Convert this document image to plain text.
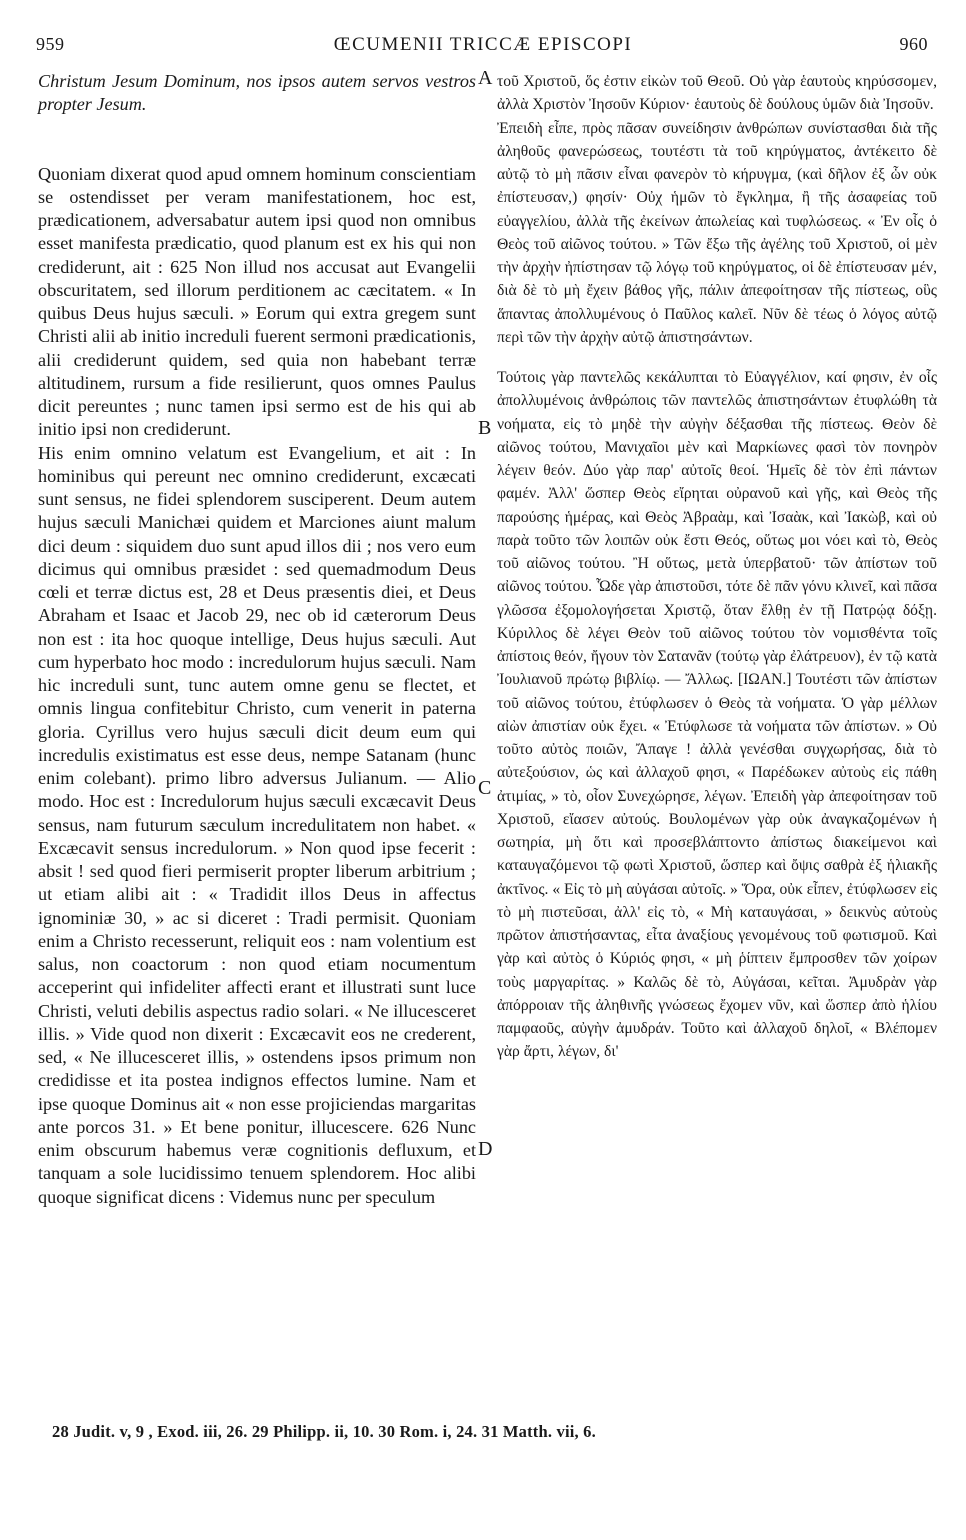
959	ŒCUMENII TRICCÆ EPISCOPI	960

Christum Jesum Dominum, nos ipsos autem servos vestros propter Jesum.

Quoniam dixerat quod apud omnem hominum conscientiam se ostendisset per veram manifestationem, hoc est, prædicationem, adversabatur autem ipsi quod non omnibus esset manifesta prædicatio, quod planum est ex his qui non crediderunt, ait : 625 Non illud nos accusat aut Evangelii obscuritatem, sed illorum perditionem ac cæcitatem. « In quibus Deus hujus sæculi. » Eorum qui extra gregem sunt Christi alii ab initio increduli fuerent sermoni prædicationis, alii crediderunt quidem, sed quia non habebant terræ altitudinem, rursum a fide resilierunt, quos omnes Paulus dicit pereuntes ; nunc tamen ipsi sermo est de his qui ab initio ipsi non crediderunt.

His enim omnino velatum est Evangelium, et ait : In hominibus qui pereunt nec omnino crediderunt, excæcati sunt sensus, ne fidei splendorem susciperent. Deum autem hujus sæculi Manichæi quidem et Marciones aiunt malum dici deum : siquidem duo sunt apud illos dii ; nos vero eum dicimus qui omnibus præsidet : sed quemadmodum Deus cœli et terræ dictus est, 28 et Deus præsentis diei, et Deus Abraham et Isaac et Jacob 29, nec ob id cæterorum Deus non est : ita hoc quoque intellige, Deus hujus sæculi. Aut cum hyperbato hoc modo : incredulorum hujus sæculi. Nam hic increduli sunt, tunc autem omne genu se flectet, et omnis lingua confitebitur Christo, cum venerit in paterna gloria. Cyrillus vero hujus sæculi dicit deum eum qui incredulis existimatus est esse deus, nempe Satanam (hunc enim colebant). primo libro adversus Julianum. — Alio modo. Hoc est : Incredulorum hujus sæculi excæcavit Deus sensus, nam futurum sæculum incredulitatem non habet. « Excæcavit sensus incredulorum. » Non quod ipse fecerit : absit ! sed quod fieri permiserit propter liberum arbitrium ; ut etiam alibi ait : « Tradidit illos Deus in affectus ignominiæ 30, » ac si diceret : Tradi permisit. Quoniam enim a Christo recesserunt, reliquit eos : nam volentium est salus, non coactorum : non quod etiam nocumentum acceperint qui infideliter affecti erant et illustrati sunt luce Christi, veluti debilis aspectus radio solari. « Ne illucesceret illis. » Vide quod non dixerit : Excæcavit eos ne crederent, sed, « Ne illucesceret illis, » ostendens ipsos primum non credidisse et ita postea indignos effectos lumine. Nam et ipse quoque Dominus ait « non esse projiciendas margaritas ante porcos 31. » Et bene ponitur, illucescere. 626 Nunc enim obscurum habemus veræ cognitionis defluxum, et tanquam a sole lucidissimo tenuem splendorem. Hoc alibi quoque significat dicens : Videmus nunc per speculum

A
B
C
D

τοῦ Χριστοῦ, ὅς ἐστιν εἰκὼν τοῦ Θεοῦ. Οὐ γὰρ ἑαυτοὺς κηρύσσομεν, ἀλλὰ Χριστὸν Ἰησοῦν Κύριον· ἑαυτοὺς δὲ δούλους ὑμῶν διὰ Ἰησοῦν.

Ἐπειδὴ εἶπε, πρὸς πᾶσαν συνείδησιν ἀνθρώπων συνίστασθαι διὰ τῆς ἀληθοῦς φανερώσεως, τουτέστι τὰ τοῦ κηρύγματος, ἀντέκειτο δὲ αὐτῷ τὸ μὴ πᾶσιν εἶναι φανερὸν τὸ κήρυγμα, (καὶ δῆλον ἐξ ὧν οὐκ ἐπίστευσαν,) φησίν· Οὐχ ἡμῶν τὸ ἔγκλημα, ἢ τῆς ἀσαφείας τοῦ εὐαγγελίου, ἀλλὰ τῆς ἐκείνων ἀπωλείας καὶ τυφλώσεως. « Ἐν οἷς ὁ Θεὸς τοῦ αἰῶνος τούτου. » Τῶν ἔξω τῆς ἀγέλης τοῦ Χριστοῦ, οἱ μὲν τὴν ἀρχὴν ἠπίστησαν τῷ λόγῳ τοῦ κηρύγματος, οἱ δὲ ἐπίστευσαν μέν, διὰ δὲ τὸ μὴ ἔχειν βάθος γῆς, πάλιν ἀπεφοίτησαν τῆς πίστεως, οὓς ἅπαντας ἀπολλυμένους ὁ Παῦλος καλεῖ. Νῦν δὲ τέως ὁ λόγος αὐτῷ περὶ τῶν τὴν ἀρχὴν αὐτῷ ἀπιστησάντων.

Τούτοις γὰρ παντελῶς κεκάλυπται τὸ Εὐαγγέλιον, καί φησιν, ἐν οἷς ἀπολλυμένοις ἀνθρώποις τῶν παντελῶς ἀπιστησάντων ἐτυφλώθη τὰ νοήματα, εἰς τὸ μηδὲ τὴν αὐγὴν δέξασθαι τῆς πίστεως. Θεὸν δὲ αἰῶνος τούτου, Μανιχαῖοι μὲν καὶ Μαρκίωνες φασὶ τὸν πονηρὸν λέγειν θεόν. Δύο γὰρ παρ' αὐτοῖς θεοί. Ἡμεῖς δὲ τὸν ἐπὶ πάντων φαμέν. Ἀλλ' ὥσπερ Θεὸς εἴρηται οὐρανοῦ καὶ γῆς, καὶ Θεὸς τῆς παρούσης ἡμέρας, καὶ Θεὸς Ἀβραὰμ, καὶ Ἰσαὰκ, καὶ Ἰακὼβ, καὶ οὐ παρὰ τοῦτο τῶν λοιπῶν οὐκ ἔστι Θεός, οὕτως μοι νόει καὶ τὸ, Θεὸς τοῦ αἰῶνος τούτου. Ἢ οὕτως, μετὰ ὑπερβατοῦ· τῶν ἀπίστων τοῦ αἰῶνος τούτου. Ὧδε γὰρ ἀπιστοῦσι, τότε δὲ πᾶν γόνυ κλινεῖ, καὶ πᾶσα γλῶσσα ἐξομολογήσεται Χριστῷ, ὅταν ἔλθῃ ἐν τῇ Πατρῴᾳ δόξῃ. Κύριλλος δὲ λέγει Θεὸν τοῦ αἰῶνος τούτου τὸν νομισθέντα τοῖς ἀπίστοις θεόν, ἤγουν τὸν Σατανᾶν (τούτῳ γὰρ ἐλάτρευον), ἐν τῷ κατὰ Ἰουλιανοῦ πρώτῳ βιβλίῳ. — Ἄλλως. [ΙΩΑΝ.] Τουτέστι τῶν ἀπίστων τοῦ αἰῶνος τούτου, ἐτύφλωσεν ὁ Θεὸς τὰ νοήματα. Ὁ γὰρ μέλλων αἰὼν ἀπιστίαν οὐκ ἔχει. « Ἐτύφλωσε τὰ νοήματα τῶν ἀπίστων. » Οὐ τοῦτο αὐτὸς ποιῶν, Ἄπαγε ! ἀλλὰ γενέσθαι συγχωρήσας, διὰ τὸ αὐτεξούσιον, ὡς καὶ ἀλλαχοῦ φησι, « Παρέδωκεν αὐτοὺς εἰς πάθη ἀτιμίας, » τὸ, οἷον Συνεχώρησε, λέγων. Ἐπειδὴ γὰρ ἀπεφοίτησαν τοῦ Χριστοῦ, εἴασεν αὐτούς. Βουλομένων γὰρ οὐκ ἀναγκαζομένων ἡ σωτηρία, μὴ ὅτι καὶ προσεβλάπτοντο ἀπίστως διακείμενοι καὶ καταυγαζόμενοι τῷ φωτὶ Χριστοῦ, ὥσπερ καὶ ὄψις σαθρὰ ἐξ ἡλιακῆς ἀκτῖνος. « Εἰς τὸ μὴ αὐγάσαι αὐτοῖς. » Ὅρα, οὐκ εἶπεν, ἐτύφλωσεν εἰς τὸ μὴ πιστεῦσαι, ἀλλ' εἰς τὸ, « Μὴ καταυγάσαι, » δεικνὺς αὐτοὺς πρῶτον ἀπιστήσαντας, εἶτα ἀναξίους γενομένους τοῦ φωτισμοῦ. Καὶ γὰρ καὶ αὐτὸς ὁ Κύριός φησι, « μὴ ῥίπτειν ἔμπροσθεν τῶν χοίρων τοὺς μαργαρίτας. » Καλῶς δὲ τὸ, Αὐγάσαι, κεῖται. Ἀμυδρὰν γὰρ ἀπόρροιαν τῆς ἀληθινῆς γνώσεως ἔχομεν νῦν, καὶ ὥσπερ ἀπὸ ἡλίου παμφαοῦς, αὐγὴν ἀμυδράν. Τοῦτο καὶ ἀλλαχοῦ δηλοῖ, « Βλέπομεν γὰρ ἄρτι, λέγων, δι'

28 Judit. v, 9 , Exod. iii, 26. 29 Philipp. ii, 10. 30 Rom. i, 24. 31 Matth. vii, 6.
